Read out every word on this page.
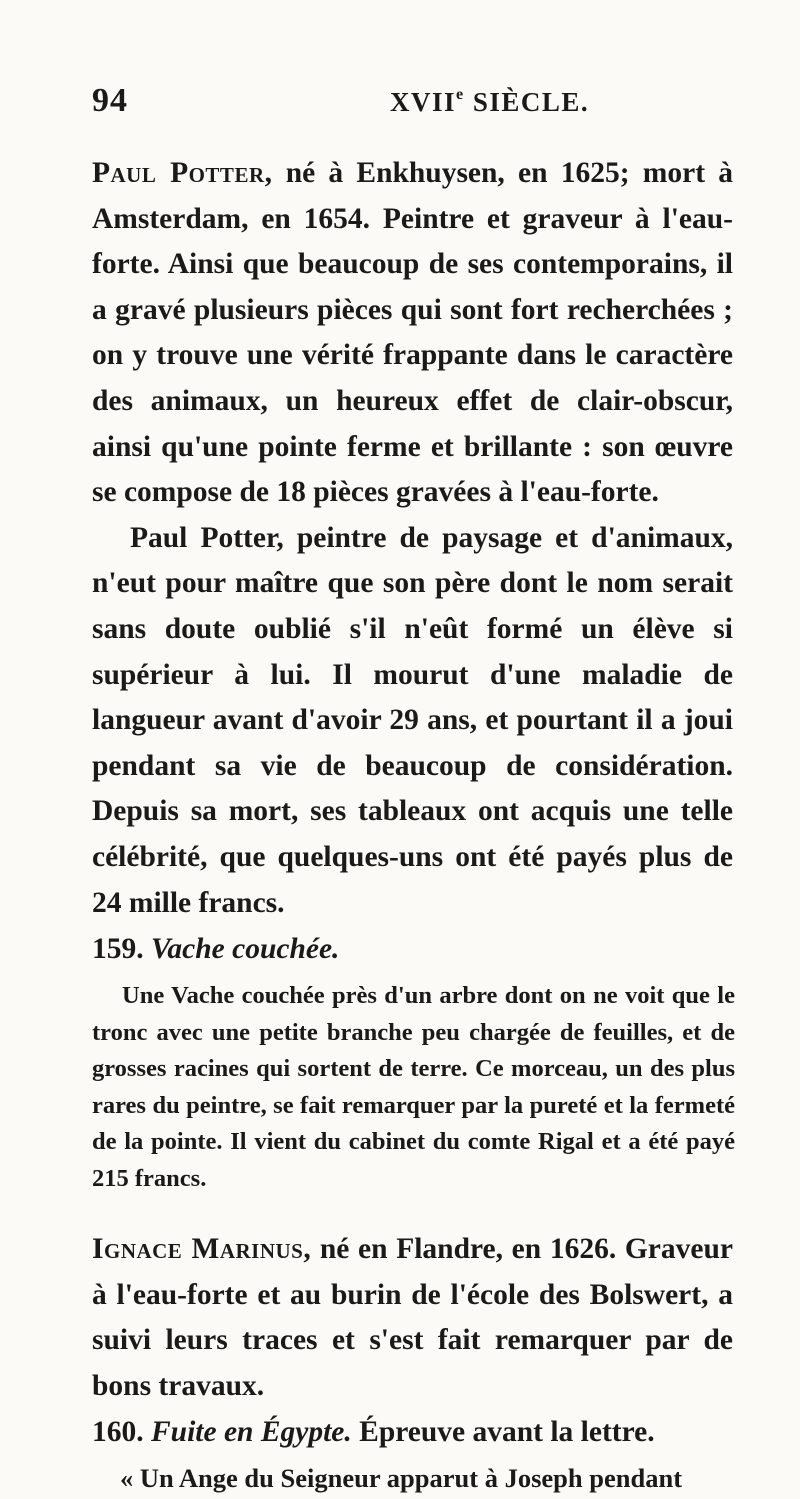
94	XVIIe SIÈCLE.

Paul Potter, né à Enkhuysen, en 1625; mort à Amsterdam, en 1654. Peintre et graveur à l'eau-forte. Ainsi que beaucoup de ses contemporains, il a gravé plusieurs pièces qui sont fort recherchées ; on y trouve une vérité frappante dans le caractère des animaux, un heureux effet de clair-obscur, ainsi qu'une pointe ferme et brillante : son œuvre se compose de 18 pièces gravées à l'eau-forte.

Paul Potter, peintre de paysage et d'animaux, n'eut pour maître que son père dont le nom serait sans doute oublié s'il n'eût formé un élève si supérieur à lui. Il mourut d'une maladie de langueur avant d'avoir 29 ans, et pourtant il a joui pendant sa vie de beaucoup de considération. Depuis sa mort, ses tableaux ont acquis une telle célébrité, que quelques-uns ont été payés plus de 24 mille francs.

159. Vache couchée.

Une Vache couchée près d'un arbre dont on ne voit que le tronc avec une petite branche peu chargée de feuilles, et de grosses racines qui sortent de terre. Ce morceau, un des plus rares du peintre, se fait remarquer par la pureté et la fermeté de la pointe. Il vient du cabinet du comte Rigal et a été payé 215 francs.

Ignace Marinus, né en Flandre, en 1626. Graveur à l'eau-forte et au burin de l'école des Bolswert, a suivi leurs traces et s'est fait remarquer par de bons travaux.

160. Fuite en Égypte. Épreuve avant la lettre.

« Un Ange du Seigneur apparut à Joseph pendant
